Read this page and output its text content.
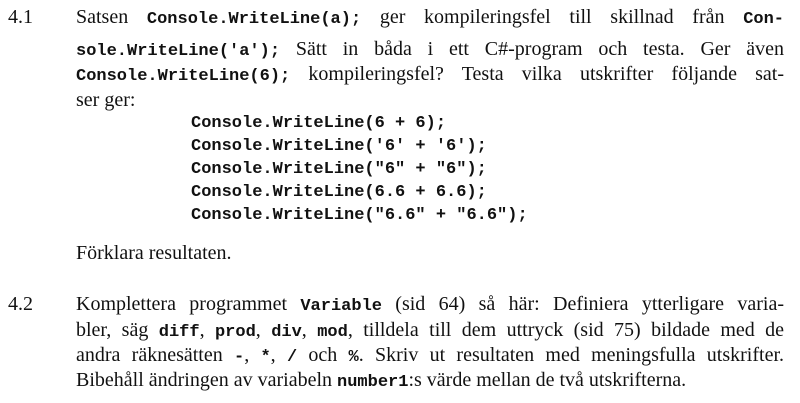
4.1 Satsen Console.WriteLine(a); ger kompileringsfel till skillnad från Con-
sole.WriteLine('a'); Sätt in båda i ett C#-program och testa. Ger även
Console.WriteLine(6); kompileringsfel? Testa vilka utskrifter följande sat-
ser ger:
Console.WriteLine(6 + 6);
Console.WriteLine('6' + '6');
Console.WriteLine("6" + "6");
Console.WriteLine(6.6 + 6.6);
Console.WriteLine("6.6" + "6.6");
Förklara resultaten.
4.2 Komplettera programmet Variable (sid 64) så här: Definiera ytterligare varia-
bler, säg diff, prod, div, mod, tilldela till dem uttryck (sid 75) bildade med de
andra räknesätten -, *, / och %. Skriv ut resultaten med meningsfulla utskrifter.
Bibehåll ändringen av variabeln number1:s värde mellan de två utskrifterna.
